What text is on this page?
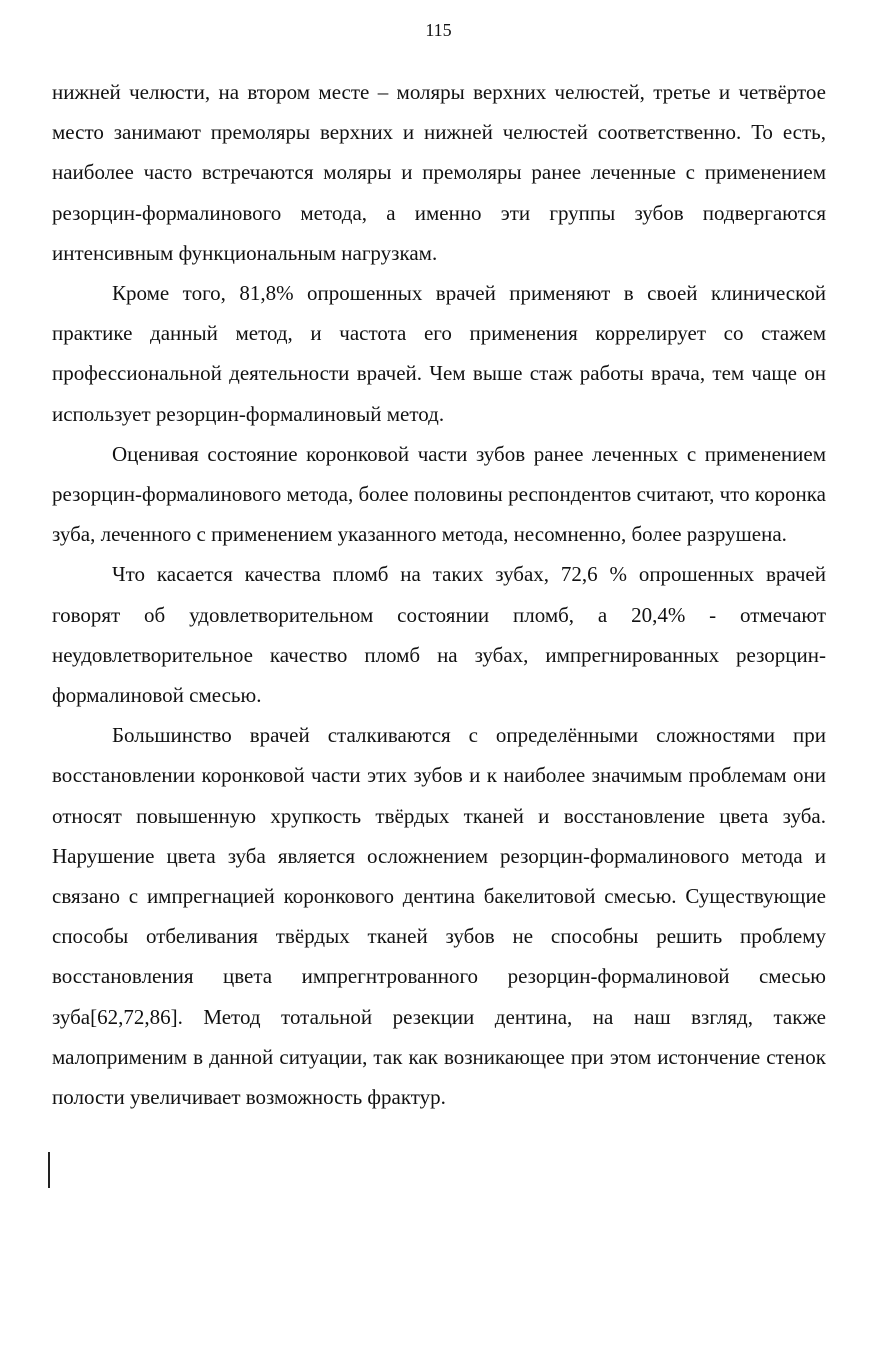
115

нижней челюсти, на втором месте – моляры верхних челюстей, третье и четвёртое место занимают премоляры верхних и нижней челюстей соответственно. То есть, наиболее часто встречаются моляры и премоляры ранее леченные с применением резорцин-формалинового метода, а именно эти группы зубов подвергаются интенсивным функциональным нагрузкам.

Кроме того, 81,8% опрошенных врачей применяют в своей клинической практике данный метод, и частота его применения коррелирует со стажем профессиональной деятельности врачей. Чем выше стаж работы врача, тем чаще он использует резорцин-формалиновый метод.

Оценивая состояние коронковой части зубов ранее леченных с применением резорцин-формалинового метода, более половины респондентов считают, что коронка зуба, леченного с применением указанного метода, несомненно, более разрушена.

Что касается качества пломб на таких зубах, 72,6 % опрошенных врачей говорят об удовлетворительном состоянии пломб, а 20,4% - отмечают неудовлетворительное качество пломб на зубах, импрегнированных резорцин-формалиновой смесью.

Большинство врачей сталкиваются с определёнными сложностями при восстановлении коронковой части этих зубов и к наиболее значимым проблемам они относят повышенную хрупкость твёрдых тканей и восстановление цвета зуба. Нарушение цвета зуба является осложнением резорцин-формалинового метода и связано с импрегнацией коронкового дентина бакелитовой смесью. Существующие способы отбеливания твёрдых тканей зубов не способны решить проблему восстановления цвета импрегнтрованного резорцин-формалиновой смесью зуба[62,72,86]. Метод тотальной резекции дентина, на наш взгляд, также малоприменим в данной ситуации, так как возникающее при этом истончение стенок полости увеличивает возможность фрактур.
